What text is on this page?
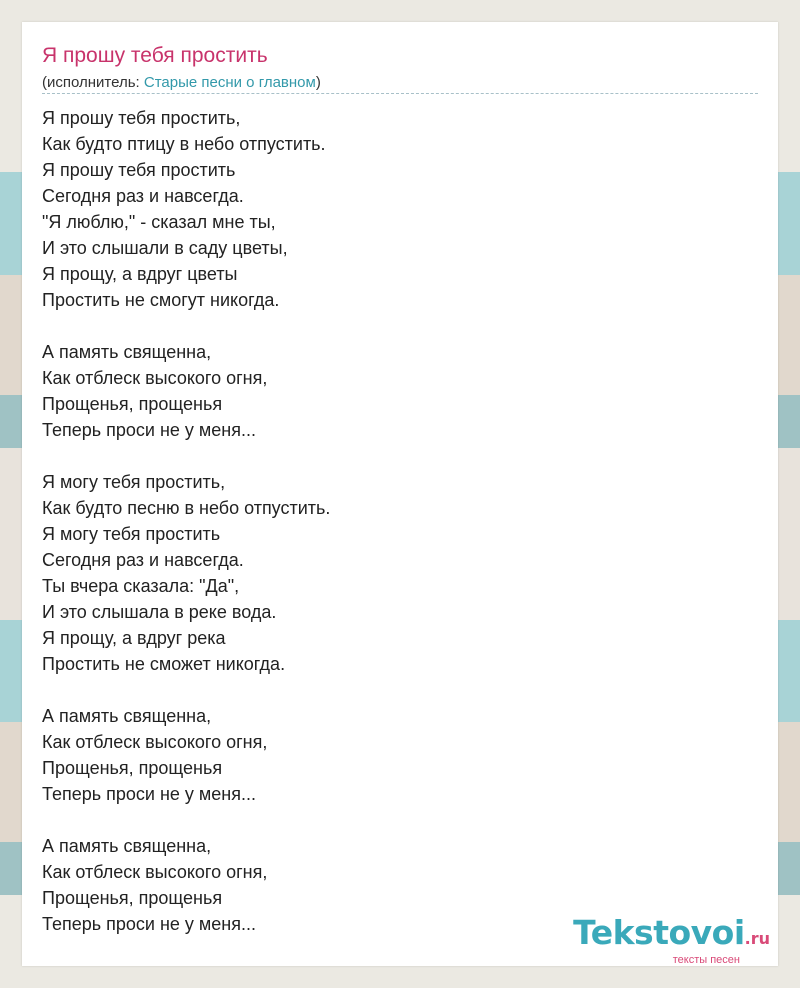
Я прошу тебя простить
(исполнитель: Старые песни о главном)
Я прошу тебя простить,
Как будто птицу в небо отпустить.
Я прошу тебя простить
Сегодня раз и навсегда.
"Я люблю," - сказал мне ты,
И это слышали в саду цветы,
Я прощу, а вдруг цветы
Простить не смогут никогда.
А память священна,
Как отблеск высокого огня,
Прощенья, прощенья
Теперь проси не у меня...
Я могу тебя простить,
Как будто песню в небо отпустить.
Я могу тебя простить
Сегодня раз и навсегда.
Ты вчера сказала: "Да",
И это слышала в реке вода.
Я прощу, а вдруг река
Простить не сможет никогда.
А память священна,
Как отблеск высокого огня,
Прощенья, прощенья
Теперь проси не у меня...
А память священна,
Как отблеск высокого огня,
Прощенья, прощенья
Теперь проси не у меня...	Tekstovoi.ru
тексты песен
